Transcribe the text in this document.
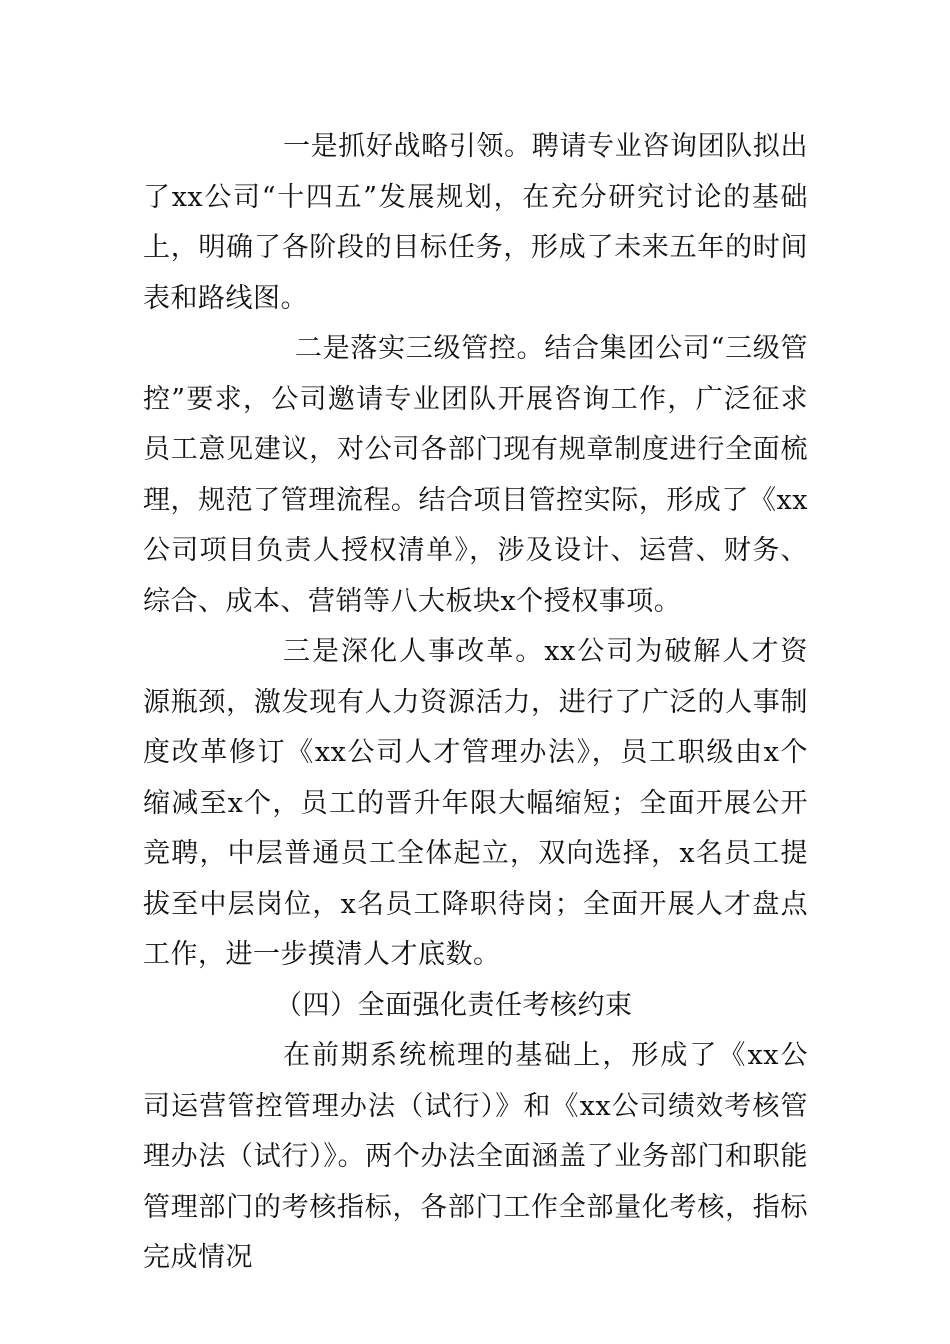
一是抓好战略引领。聘请专业咨询团队拟出了xx公司“十四五”发展规划，在充分研究讨论的基础上，明确了各阶段的目标任务，形成了未来五年的时间表和路线图。

二是落实三级管控。结合集团公司“三级管控”要求，公司邀请专业团队开展咨询工作，广泛征求员工意见建议，对公司各部门现有规章制度进行全面梳理，规范了管理流程。结合项目管控实际，形成了《xx公司项目负责人授权清单》，涉及设计、运营、财务、综合、成本、营销等八大板块x个授权事项。

三是深化人事改革。xx公司为破解人才资源瓶颈，激发现有人力资源活力，进行了广泛的人事制度改革修订《xx公司人才管理办法》，员工职级由x个缩减至x个，员工的晋升年限大幅缩短；全面开展公开竞聘，中层普通员工全体起立，双向选择，x名员工提拔至中层岗位，x名员工降职待岗；全面开展人才盘点工作，进一步摸清人才底数。

（四）全面强化责任考核约束

在前期系统梳理的基础上，形成了《xx公司运营管控管理办法（试行）》和《xx公司绩效考核管理办法（试行）》。两个办法全面涵盖了业务部门和职能管理部门的考核指标，各部门工作全部量化考核，指标完成情况
